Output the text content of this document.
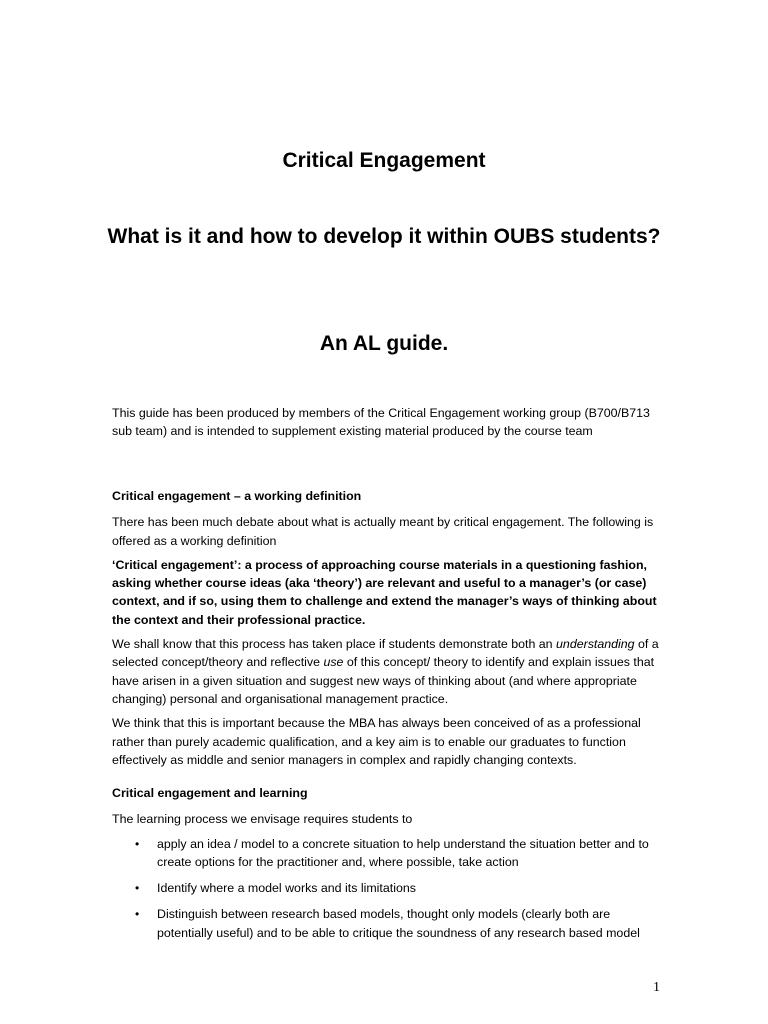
Critical Engagement
What is it and how to develop it within OUBS students?
An AL guide.

This guide has been produced by members of the Critical Engagement working group (B700/B713 sub team) and is intended to supplement existing material produced by the course team

Critical engagement – a working definition

There has been much debate about what is actually meant by critical engagement. The following is offered as a working definition

‘Critical engagement’: a process of approaching course materials in a questioning fashion, asking whether course ideas (aka ‘theory’) are relevant and useful to a manager’s (or case) context, and if so, using them to challenge and extend the manager’s ways of thinking about the context and their professional practice.

We shall know that this process has taken place if students demonstrate both an understanding of a selected concept/theory and reflective use of this concept/ theory to identify and explain issues that have arisen in a given situation and suggest new ways of thinking about (and where appropriate changing) personal and organisational management practice.

We think that this is important because the MBA has always been conceived of as a professional rather than purely academic qualification, and a key aim is to enable our graduates to function effectively as middle and senior managers in complex and rapidly changing contexts.

Critical engagement and learning

The learning process we envisage requires students to

• apply an idea / model to a concrete situation to help understand the situation better and to create options for the practitioner and, where possible, take action
• Identify where a model works and its limitations
• Distinguish between research based models, thought only models (clearly both are potentially useful) and to be able to critique the soundness of any research based model
1
